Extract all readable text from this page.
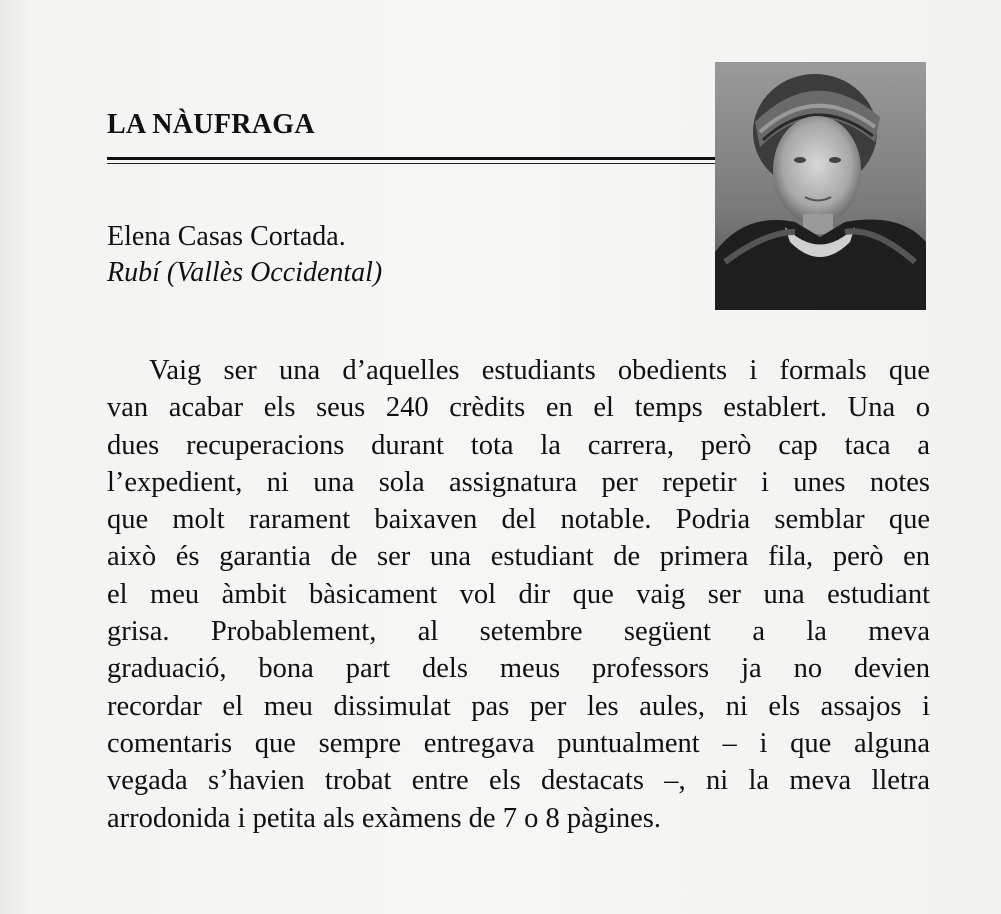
LA NÀUFRAGA
Elena Casas Cortada.
Rubí (Vallès Occidental)
Vaig ser una d’aquelles estudiants obedients i formals que
van acabar els seus 240 crèdits en el temps establert. Una o
dues recuperacions durant tota la carrera, però cap taca a
l’expedient, ni una sola assignatura per repetir i unes notes
que molt rarament baixaven del notable. Podria semblar que
això és garantia de ser una estudiant de primera fila, però en
el meu àmbit bàsicament vol dir que vaig ser una estudiant
grisa. Probablement, al setembre següent a la meva
graduació, bona part dels meus professors ja no devien
recordar el meu dissimulat pas per les aules, ni els assajos i
comentaris que sempre entregava puntualment – i que alguna
vegada s’havien trobat entre els destacats –, ni la meva lletra
arrodonida i petita als exàmens de 7 o 8 pàgines.
